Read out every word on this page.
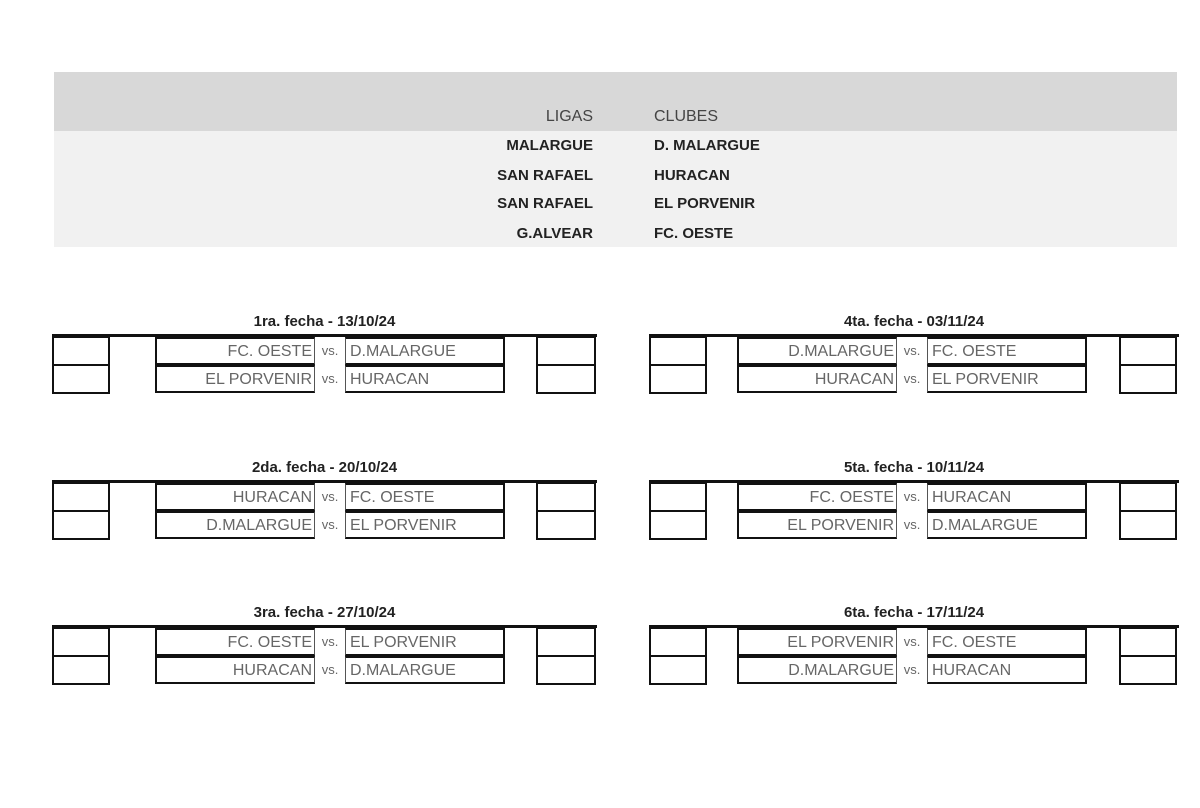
LIGAS	CLUBES
MALARGUE	D. MALARGUE
SAN RAFAEL	HURACAN
SAN RAFAEL	EL PORVENIR
G.ALVEAR	FC. OESTE
1ra. fecha - 13/10/24
FC. OESTE vs. D.MALARGUE
EL PORVENIR vs. HURACAN
2da. fecha - 20/10/24
HURACAN vs. FC. OESTE
D.MALARGUE vs. EL PORVENIR
3ra. fecha - 27/10/24
FC. OESTE vs. EL PORVENIR
HURACAN vs. D.MALARGUE
4ta. fecha - 03/11/24
D.MALARGUE vs. FC. OESTE
HURACAN vs. EL PORVENIR
5ta. fecha - 10/11/24
FC. OESTE vs. HURACAN
EL PORVENIR vs. D.MALARGUE
6ta. fecha - 17/11/24
EL PORVENIR vs. FC. OESTE
D.MALARGUE vs. HURACAN
